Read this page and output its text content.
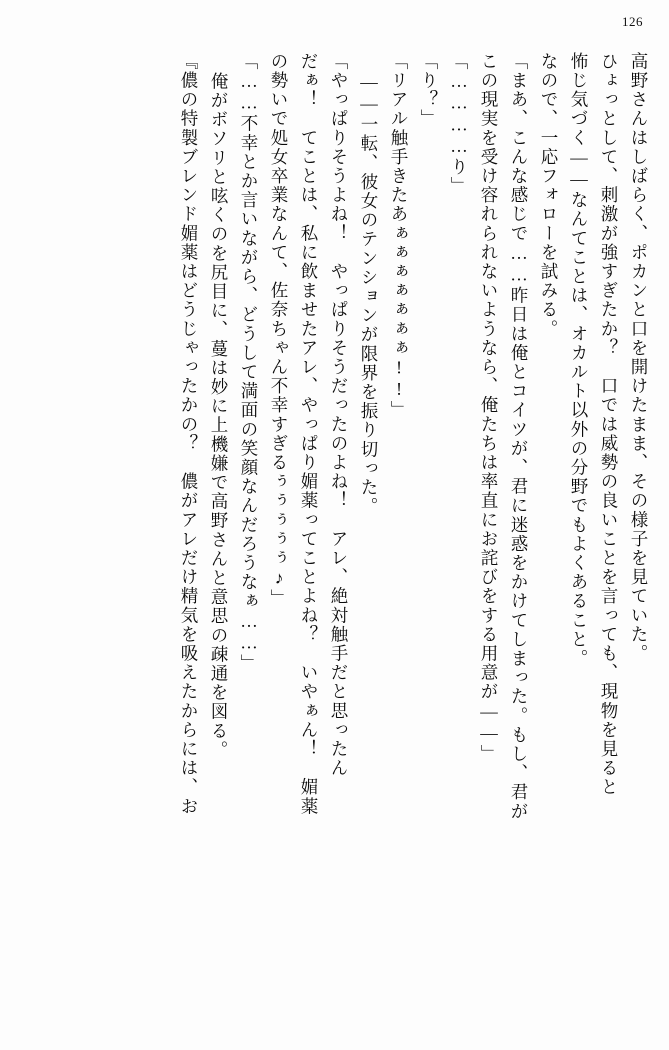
126
高野さんはしばらく、ポカンと口を開けたまま、その様子を見ていた。
ひょっとして、刺激が強すぎたか？　口では威勢の良いことを言っても、現物を見ると
怖じ気づく――なんてことは、オカルト以外の分野でもよくあること。
なので、一応フォローを試みる。
「まあ、こんな感じで……昨日は俺とコイツが、君に迷惑をかけてしまった。もし、君が
この現実を受け容れられないようなら、俺たちは率直にお詫びをする用意が――」
「…………り」
「り？」
「リアル触手きたあぁぁぁぁぁぁぁ!!」
――一転、彼女のテンションが限界を振り切った。
「やっぱりそうよね！　やっぱりそうだったのよね！　アレ、絶対触手だと思ったん
だぁ！　てことは、私に飲ませたアレ、やっぱり媚薬ってことよね？　いやぁん！　媚薬
の勢いで処女卒業なんて、佐奈ちゃん不幸すぎるぅぅぅぅぅ♪」
「……不幸とか言いながら、どうして満面の笑顔なんだろうなぁ……」
俺がボソリと呟くのを尻目に、蔓は妙に上機嫌で高野さんと意思の疎通を図る。
『儂の特製ブレンド媚薬はどうじゃったかの？　儂がアレだけ精気を吸えたからには、お
